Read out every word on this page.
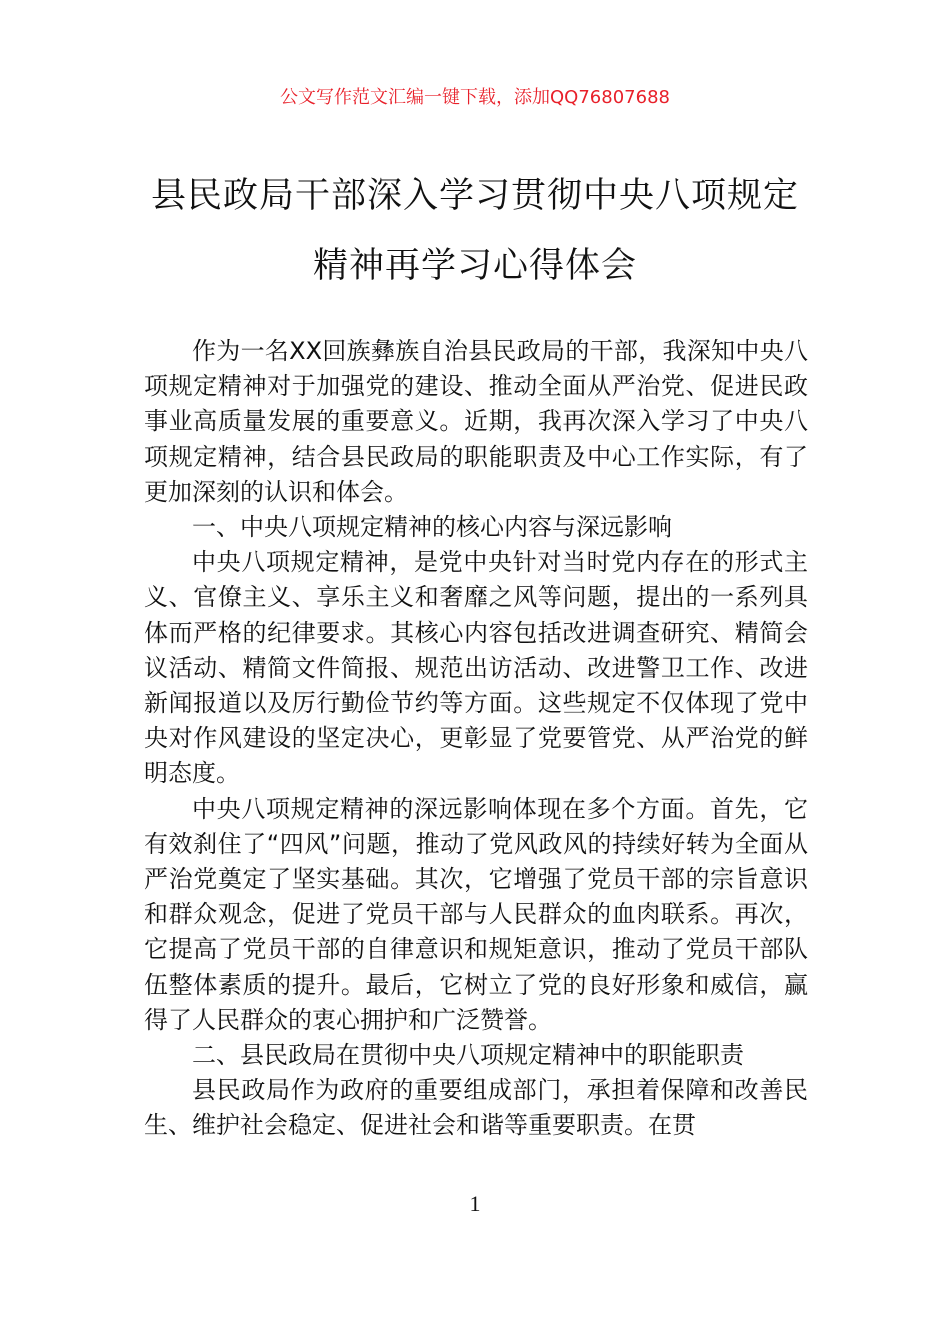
公文写作范文汇编一键下载，添加QQ76807688
县民政局干部深入学习贯彻中央八项规定
精神再学习心得体会

作为一名XX回族彝族自治县民政局的干部，我深知中央八项规定精神对于加强党的建设、推动全面从严治党、促进民政事业高质量发展的重要意义。近期，我再次深入学习了中央八项规定精神，结合县民政局的职能职责及中心工作实际，有了更加深刻的认识和体会。

一、中央八项规定精神的核心内容与深远影响

中央八项规定精神，是党中央针对当时党内存在的形式主义、官僚主义、享乐主义和奢靡之风等问题，提出的一系列具体而严格的纪律要求。其核心内容包括改进调查研究、精简会议活动、精简文件简报、规范出访活动、改进警卫工作、改进新闻报道以及厉行勤俭节约等方面。这些规定不仅体现了党中央对作风建设的坚定决心，更彰显了党要管党、从严治党的鲜明态度。

中央八项规定精神的深远影响体现在多个方面。首先，它有效刹住了“四风”问题，推动了党风政风的持续好转为全面从严治党奠定了坚实基础。其次，它增强了党员干部的宗旨意识和群众观念，促进了党员干部与人民群众的血肉联系。再次，它提高了党员干部的自律意识和规矩意识，推动了党员干部队伍整体素质的提升。最后，它树立了党的良好形象和威信，赢得了人民群众的衷心拥护和广泛赞誉。

二、县民政局在贯彻中央八项规定精神中的职能职责

县民政局作为政府的重要组成部门，承担着保障和改善民生、维护社会稳定、促进社会和谐等重要职责。在贯

1
